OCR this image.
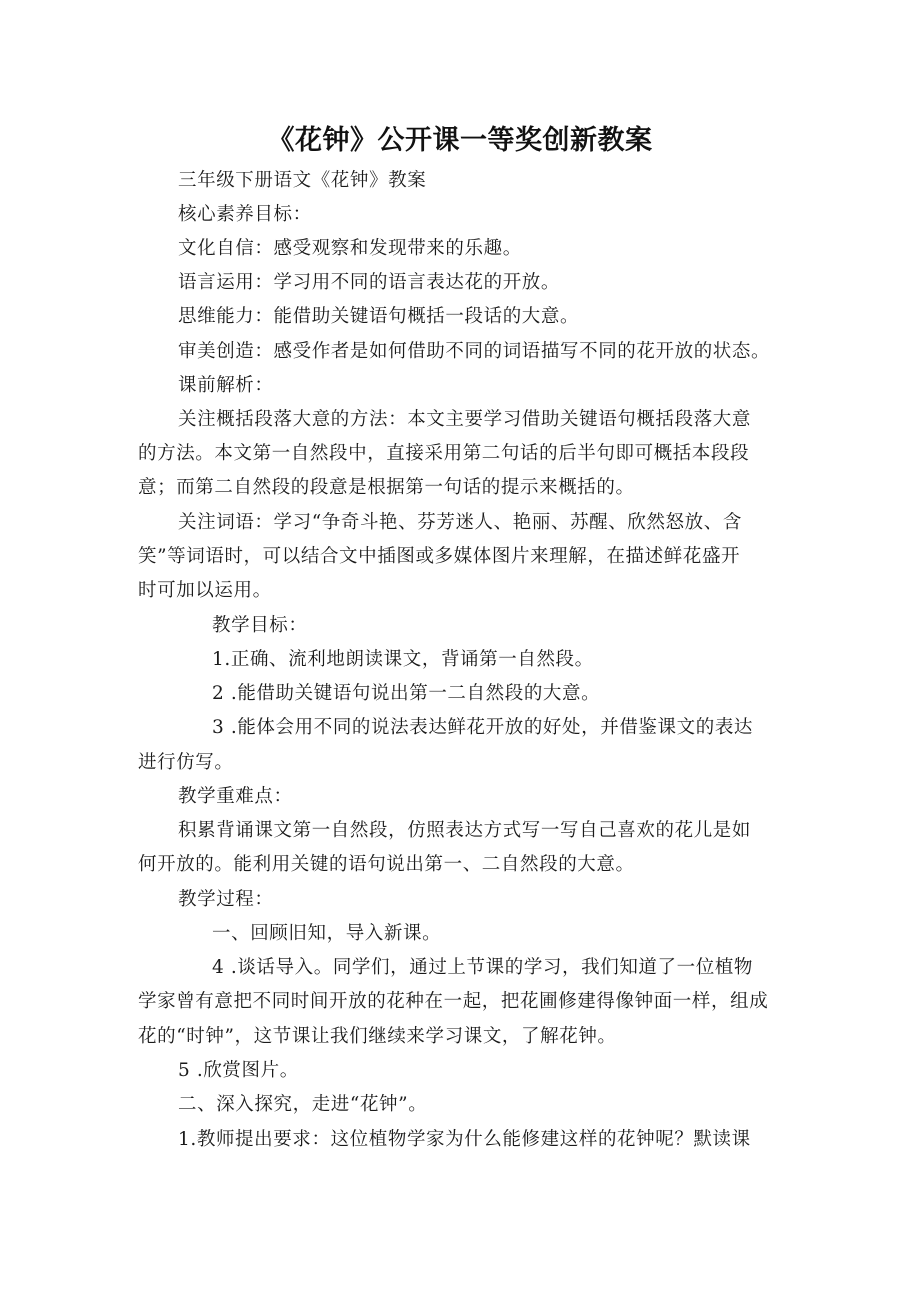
《花钟》公开课一等奖创新教案
三年级下册语文《花钟》教案
核心素养目标：
文化自信：感受观察和发现带来的乐趣。
语言运用：学习用不同的语言表达花的开放。
思维能力：能借助关键语句概括一段话的大意。
审美创造：感受作者是如何借助不同的词语描写不同的花开放的状态。
课前解析：
关注概括段落大意的方法：本文主要学习借助关键语句概括段落大意
的方法。本文第一自然段中，直接采用第二句话的后半句即可概括本段段
意；而第二自然段的段意是根据第一句话的提示来概括的。
关注词语：学习“争奇斗艳、芬芳迷人、艳丽、苏醒、欣然怒放、含
笑”等词语时，可以结合文中插图或多媒体图片来理解，在描述鲜花盛开
时可加以运用。
教学目标：
1.正确、流利地朗读课文，背诵第一自然段。
2 .能借助关键语句说出第一二自然段的大意。
3 .能体会用不同的说法表达鲜花开放的好处，并借鉴课文的表达
进行仿写。
教学重难点：
积累背诵课文第一自然段，仿照表达方式写一写自己喜欢的花儿是如
何开放的。能利用关键的语句说出第一、二自然段的大意。
教学过程：
一、回顾旧知，导入新课。
4 .谈话导入。同学们，通过上节课的学习，我们知道了一位植物
学家曾有意把不同时间开放的花种在一起，把花圃修建得像钟面一样，组成
花的“时钟”，这节课让我们继续来学习课文，了解花钟。
5 .欣赏图片。
二、深入探究，走进“花钟”。
1.教师提出要求：这位植物学家为什么能修建这样的花钟呢？默读课
